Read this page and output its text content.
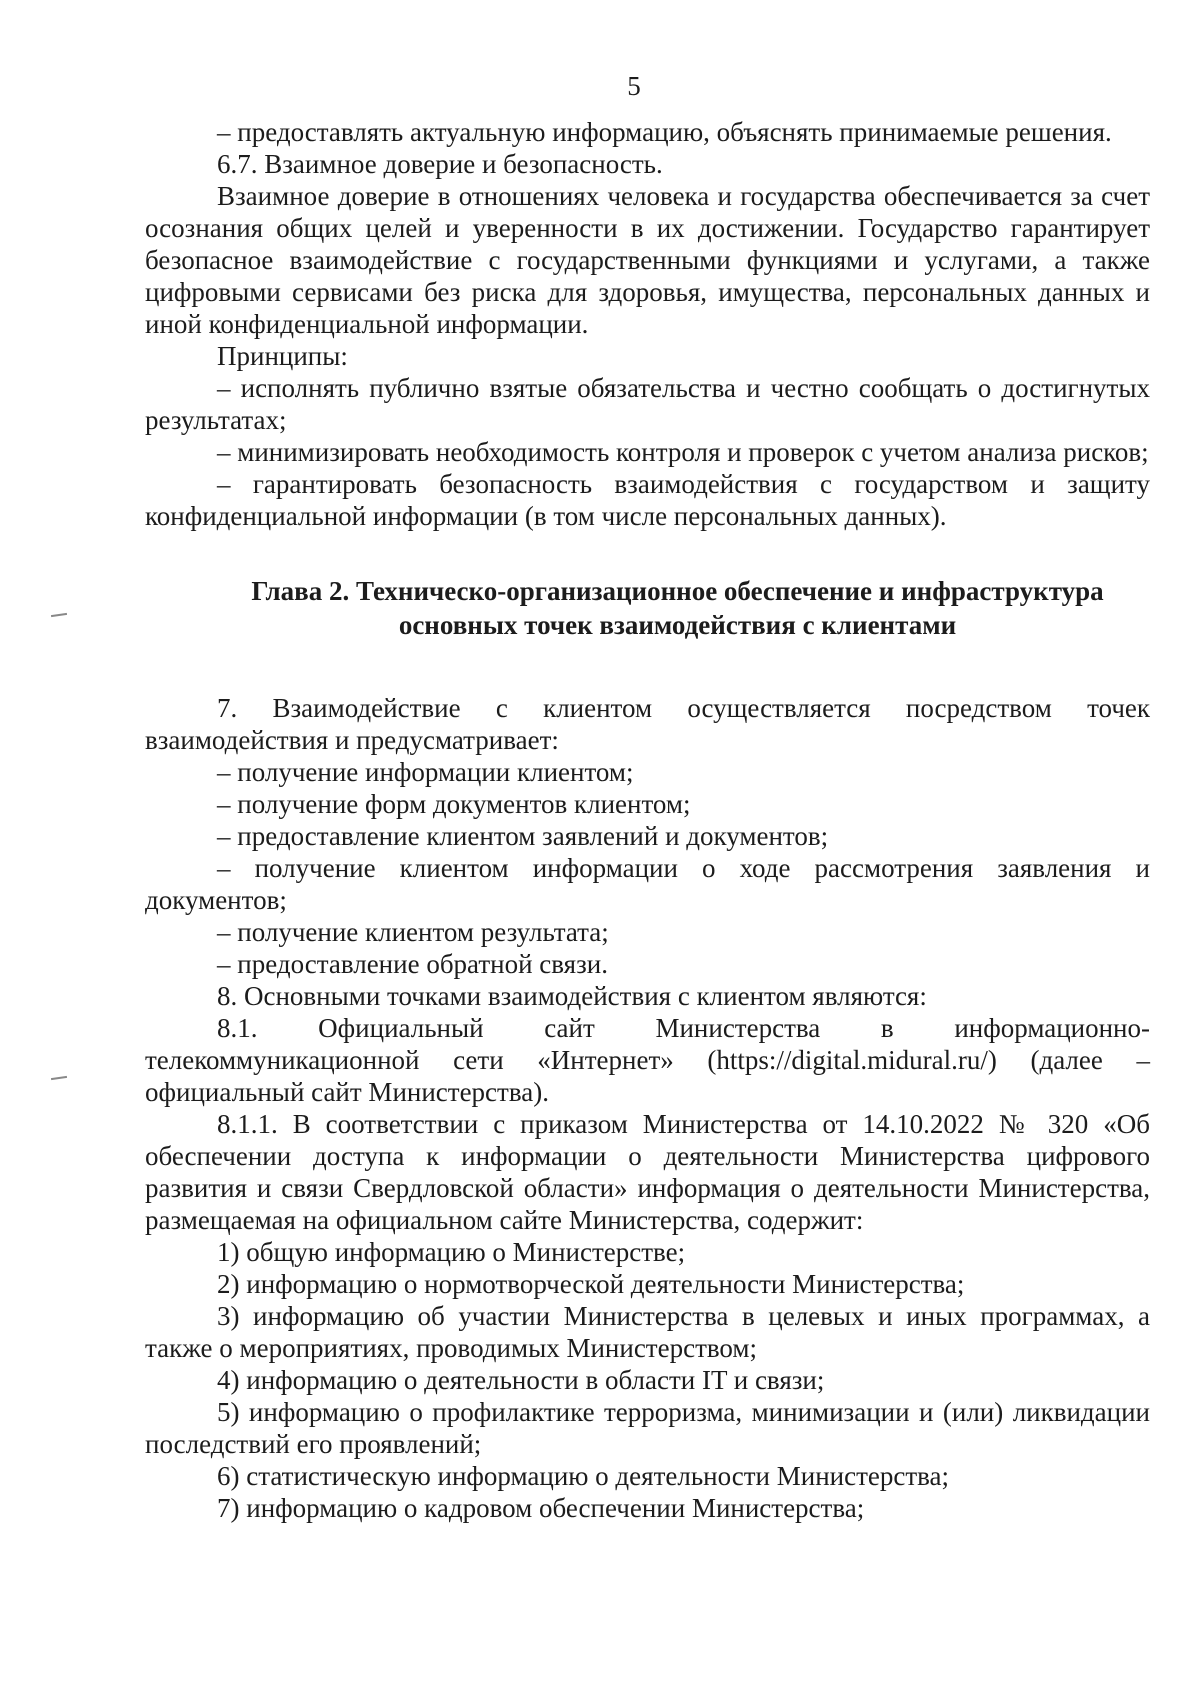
5

– предоставлять актуальную информацию, объяснять принимаемые решения.

6.7. Взаимное доверие и безопасность.

Взаимное доверие в отношениях человека и государства обеспечивается за счет осознания общих целей и уверенности в их достижении. Государство гарантирует безопасное взаимодействие с государственными функциями и услугами, а также цифровыми сервисами без риска для здоровья, имущества, персональных данных и иной конфиденциальной информации.

Принципы:

– исполнять публично взятые обязательства и честно сообщать о достигнутых результатах;

– минимизировать необходимость контроля и проверок с учетом анализа рисков;

– гарантировать безопасность взаимодействия с государством и защиту конфиденциальной информации (в том числе персональных данных).

Глава 2. Техническо-организационное обеспечение и инфраструктура
основных точек взаимодействия с клиентами

7. Взаимодействие с клиентом осуществляется посредством точек взаимодействия и предусматривает:

– получение информации клиентом;

– получение форм документов клиентом;

– предоставление клиентом заявлений и документов;

– получение клиентом информации о ходе рассмотрения заявления и документов;

– получение клиентом результата;

– предоставление обратной связи.

8. Основными точками взаимодействия с клиентом являются:

8.1. Официальный сайт Министерства в информационно-телекоммуникационной сети «Интернет» (https://digital.midural.ru/) (далее – официальный сайт Министерства).

8.1.1. В соответствии с приказом Министерства от 14.10.2022 № 320 «Об обеспечении доступа к информации о деятельности Министерства цифрового развития и связи Свердловской области» информация о деятельности Министерства, размещаемая на официальном сайте Министерства, содержит:

1) общую информацию о Министерстве;

2) информацию о нормотворческой деятельности Министерства;

3) информацию об участии Министерства в целевых и иных программах, а также о мероприятиях, проводимых Министерством;

4) информацию о деятельности в области IT и связи;

5) информацию о профилактике терроризма, минимизации и (или) ликвидации последствий его проявлений;

6) статистическую информацию о деятельности Министерства;

7) информацию о кадровом обеспечении Министерства;
